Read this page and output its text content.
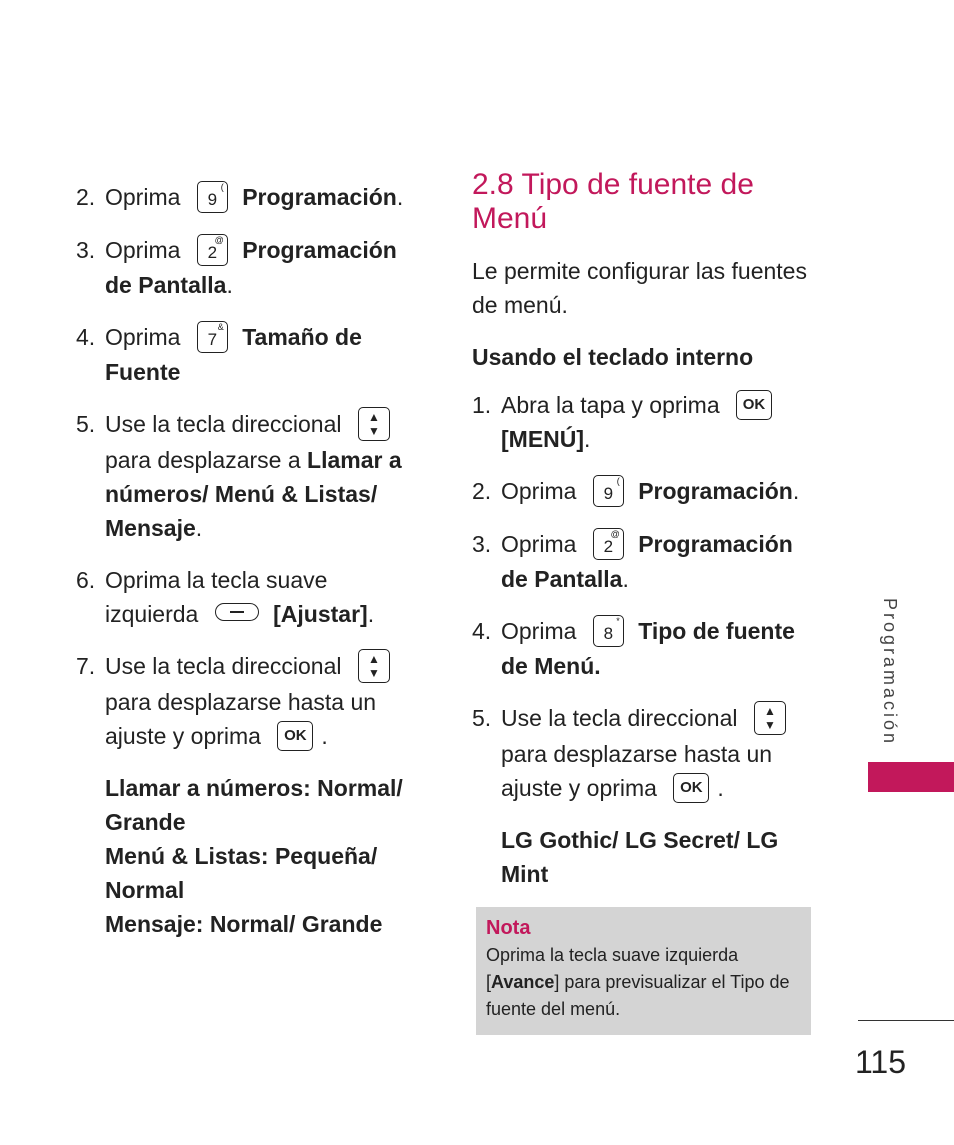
2. Oprima 9
( Programación.
3. Oprima 2
@ Programación de Pantalla.
4. Oprima 7
& Tamaño de Fuente
5. Use la tecla direccional ▲
▼ para desplazarse a Llamar a números/ Menú & Listas/ Mensaje.
6. Oprima la tecla suave izquierda	[Ajustar].
7. Use la tecla direccional ▲
▼ para desplazarse hasta un ajuste y oprima OK .
Llamar a números: Normal/ Grande
Menú & Listas: Pequeña/ Normal
Mensaje: Normal/ Grande
2.8 Tipo de fuente de Menú
Le permite configurar las fuentes de menú.
Usando el teclado interno
1. Abra la tapa y oprima OK [MENÚ].
2. Oprima 9
( Programación.
3. Oprima 2
@ Programación de Pantalla.
4. Oprima 8
* Tipo de fuente de Menú.
5. Use la tecla direccional ▲
▼ para desplazarse hasta un ajuste y oprima OK .
LG Gothic/ LG Secret/ LG Mint
Nota
Oprima la tecla suave izquierda [Avance] para previsualizar el Tipo de fuente del menú.
Programación
115
